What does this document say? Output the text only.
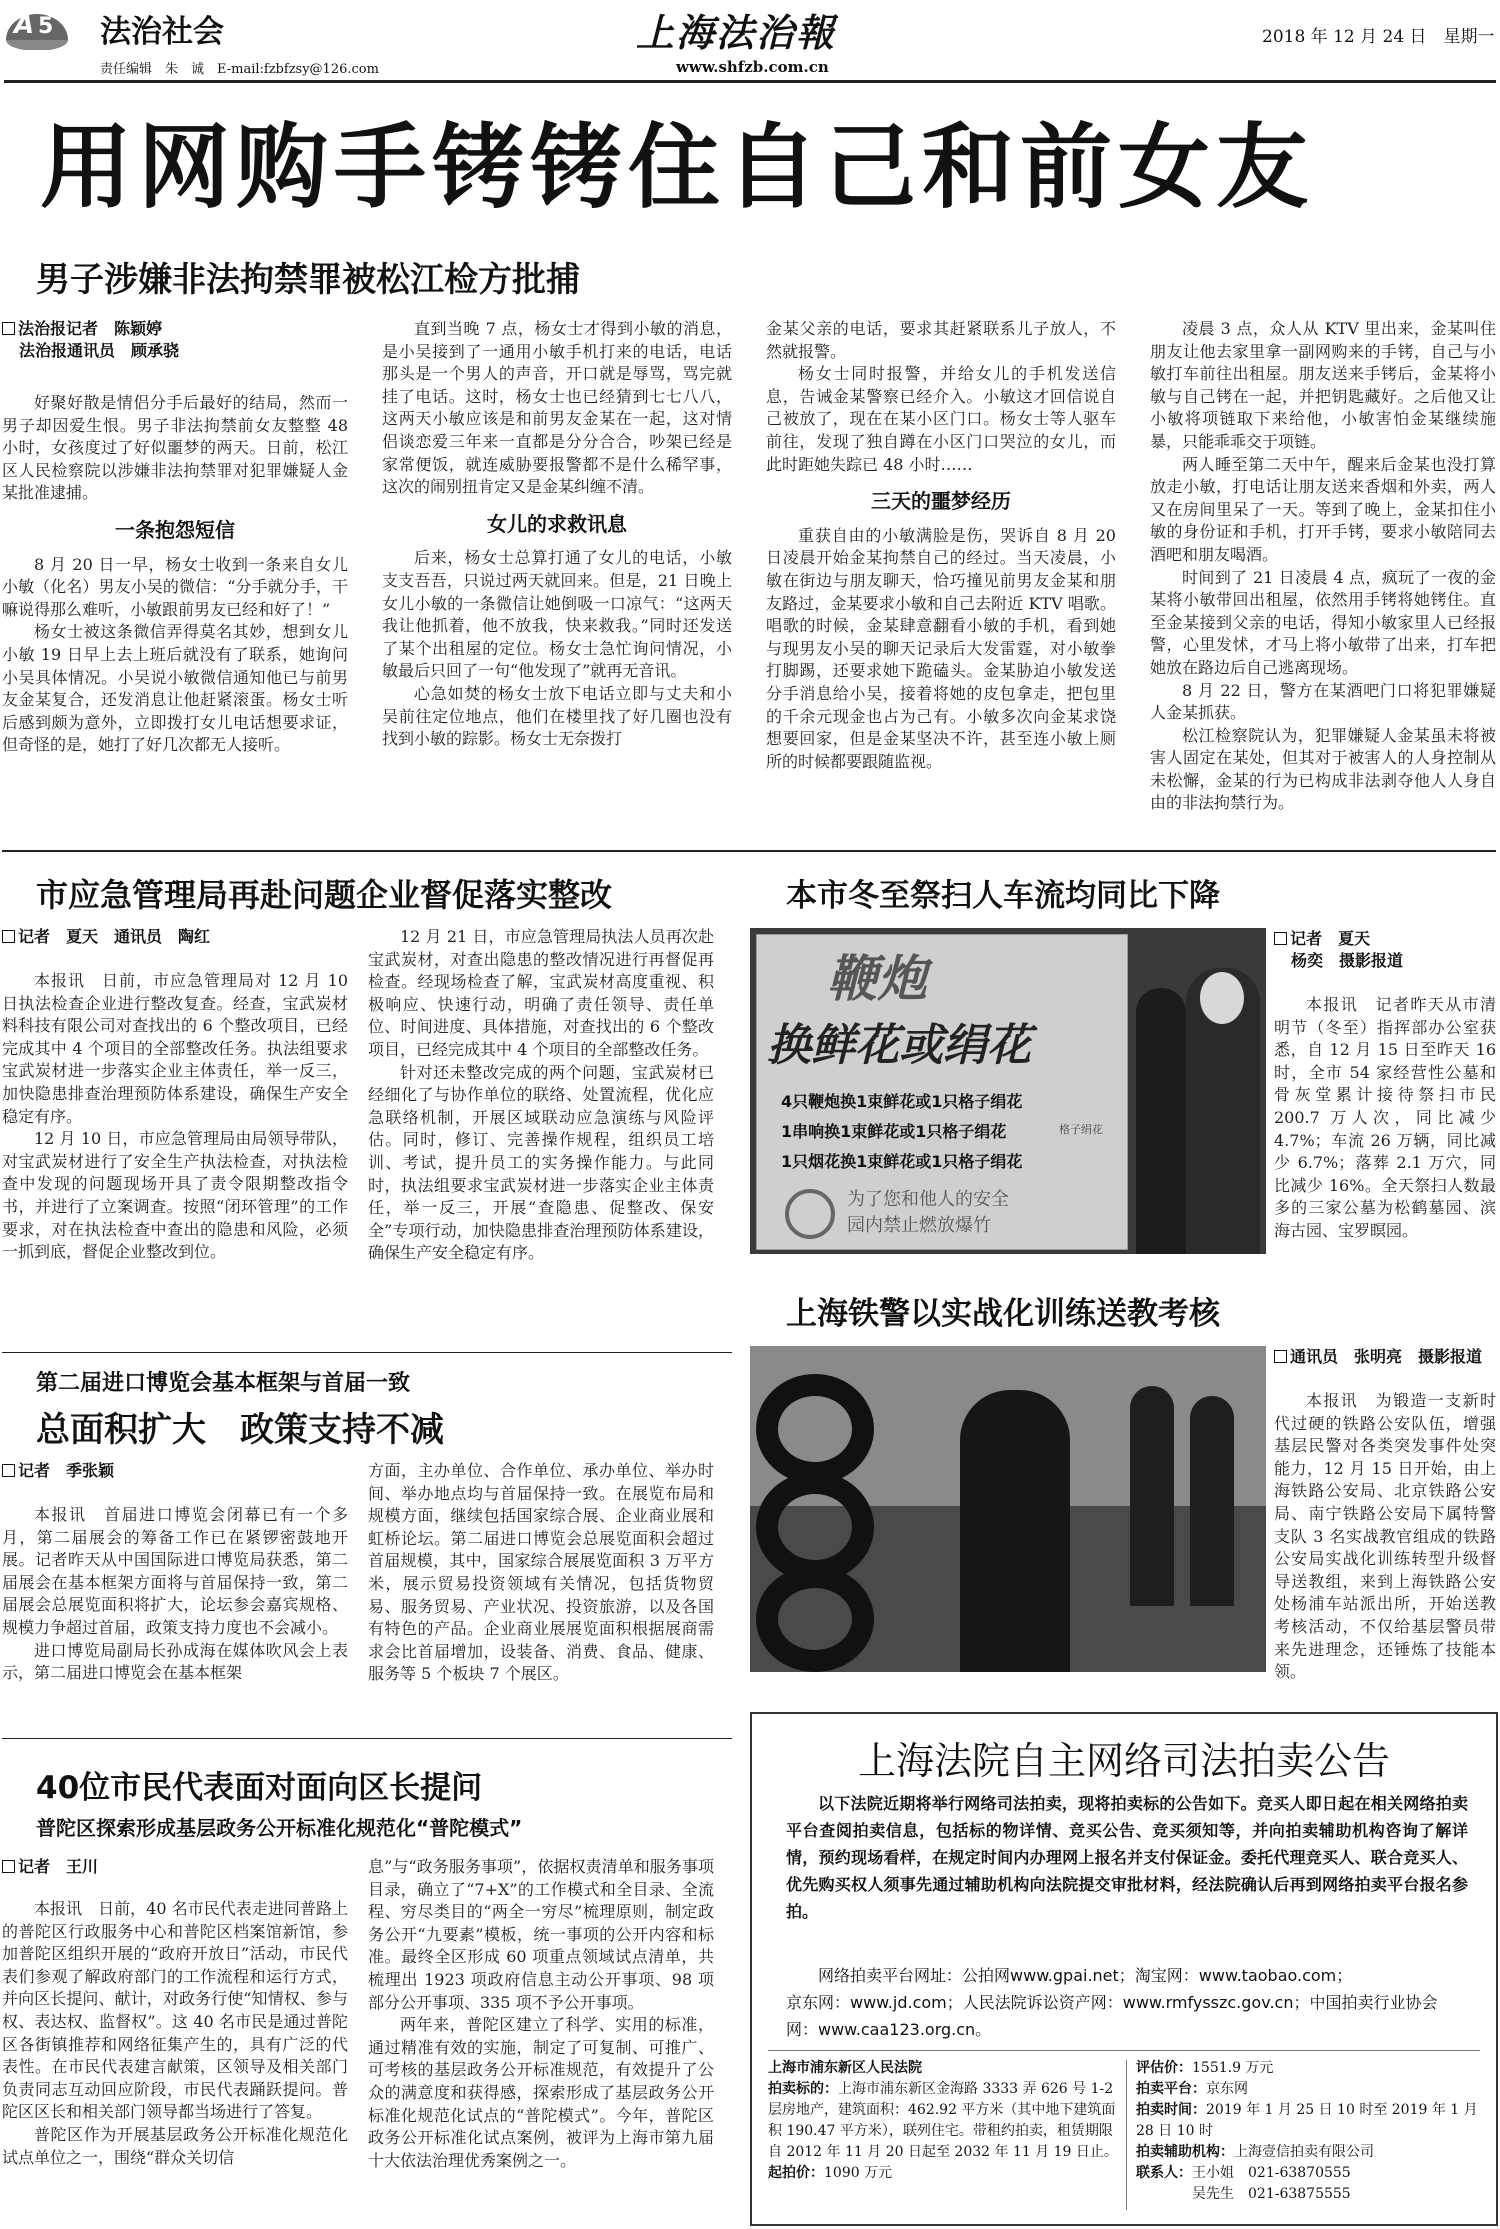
A 5 法治社会
责任编辑　朱　诚　E-mail:fzbfzsy@126.com
上海法治報
www.shfzb.com.cn
2018 年 12 月 24 日　星期一
用网购手铐铐住自己和前女友
男子涉嫌非法拘禁罪被松江检方批捕
法治报记者　陈颖婷
法治报通讯员　顾承骁

好聚好散是情侣分手后最好的结局，然而一男子却因爱生恨。男子非法拘禁前女友整整 48 小时，女孩度过了好似噩梦的两天。日前，松江区人民检察院以涉嫌非法拘禁罪对犯罪嫌疑人金某批准逮捕。

一条抱怨短信

8 月 20 日一早，杨女士收到一条来自女儿小敏（化名）男友小吴的微信：“分手就分手，干嘛说得那么难听，小敏跟前男友已经和好了！”

杨女士被这条微信弄得莫名其妙，想到女儿小敏 19 日早上去上班后就没有了联系，她询问小吴具体情况。小吴说小敏微信通知他已与前男友金某复合，还发消息让他赶紧滚蛋。杨女士听后感到颇为意外，立即拨打女儿电话想要求证，但奇怪的是，她打了好几次都无人接听。

直到当晚 7 点，杨女士才得到小敏的消息，是小吴接到了一通用小敏手机打来的电话，电话那头是一个男人的声音，开口就是辱骂，骂完就挂了电话。这时，杨女士也已经猜到七七八八，这两天小敏应该是和前男友金某在一起，这对情侣谈恋爱三年来一直都是分分合合，吵架已经是家常便饭，就连威胁要报警都不是什么稀罕事，这次的闹别扭肯定又是金某纠缠不清。

女儿的求救讯息

后来，杨女士总算打通了女儿的电话，小敏支支吾吾，只说过两天就回来。但是，21 日晚上女儿小敏的一条微信让她倒吸一口凉气：“这两天我让他抓着，他不放我，快来救我。”同时还发送了某个出租屋的定位。杨女士急忙询问情况，小敏最后只回了一句“他发现了”就再无音讯。

心急如焚的杨女士放下电话立即与丈夫和小吴前往定位地点，他们在楼里找了好几圈也没有找到小敏的踪影。杨女士无奈拨打

金某父亲的电话，要求其赶紧联系儿子放人，不然就报警。

杨女士同时报警，并给女儿的手机发送信息，告诫金某警察已经介入。小敏这才回信说自己被放了，现在在某小区门口。杨女士等人驱车前往，发现了独自蹲在小区门口哭泣的女儿，而此时距她失踪已 48 小时……

三天的噩梦经历

重获自由的小敏满脸是伤，哭诉自 8 月 20 日凌晨开始金某拘禁自己的经过。当天凌晨，小敏在街边与朋友聊天，恰巧撞见前男友金某和朋友路过，金某要求小敏和自己去附近 KTV 唱歌。唱歌的时候，金某肆意翻看小敏的手机，看到她与现男友小吴的聊天记录后大发雷霆，对小敏拳打脚踢，还要求她下跪磕头。金某胁迫小敏发送分手消息给小吴，接着将她的皮包拿走，把包里的千余元现金也占为己有。小敏多次向金某求饶想要回家，但是金某坚决不许，甚至连小敏上厕所的时候都要跟随监视。

凌晨 3 点，众人从 KTV 里出来，金某叫住朋友让他去家里拿一副网购来的手铐，自己与小敏打车前往出租屋。朋友送来手铐后，金某将小敏与自己铐在一起，并把钥匙藏好。之后他又让小敏将项链取下来给他，小敏害怕金某继续施暴，只能乖乖交于项链。

两人睡至第二天中午，醒来后金某也没打算放走小敏，打电话让朋友送来香烟和外卖，两人又在房间里呆了一天。等到了晚上，金某扣住小敏的身份证和手机，打开手铐，要求小敏陪同去酒吧和朋友喝酒。

时间到了 21 日凌晨 4 点，疯玩了一夜的金某将小敏带回出租屋，依然用手铐将她铐住。直至金某接到父亲的电话，得知小敏家里人已经报警，心里发怵，才马上将小敏带了出来，打车把她放在路边后自己逃离现场。

8 月 22 日，警方在某酒吧门口将犯罪嫌疑人金某抓获。

松江检察院认为，犯罪嫌疑人金某虽未将被害人固定在某处，但其对于被害人的人身控制从未松懈，金某的行为已构成非法剥夺他人人身自由的非法拘禁行为。

市应急管理局再赴问题企业督促落实整改
记者　夏天　通讯员　陶红

本报讯　日前，市应急管理局对 12 月 10 日执法检查企业进行整改复查。经查，宝武炭材料科技有限公司对查找出的 6 个整改项目，已经完成其中 4 个项目的全部整改任务。执法组要求宝武炭材进一步落实企业主体责任，举一反三，加快隐患排查治理预防体系建设，确保生产安全稳定有序。

12 月 10 日，市应急管理局由局领导带队，对宝武炭材进行了安全生产执法检查，对执法检查中发现的问题现场开具了责令限期整改指令书，并进行了立案调查。按照“闭环管理”的工作要求，对在执法检查中查出的隐患和风险，必须一抓到底，督促企业整改到位。

12 月 21 日，市应急管理局执法人员再次赴宝武炭材，对查出隐患的整改情况进行再督促再检查。经现场检查了解，宝武炭材高度重视、积极响应、快速行动，明确了责任领导、责任单位、时间进度、具体措施，对查找出的 6 个整改项目，已经完成其中 4 个项目的全部整改任务。

针对还未整改完成的两个问题，宝武炭材已经细化了与协作单位的联络、处置流程，优化应急联络机制，开展区域联动应急演练与风险评估。同时，修订、完善操作规程，组织员工培训、考试，提升员工的实务操作能力。与此同时，执法组要求宝武炭材进一步落实企业主体责任，举一反三，开展“查隐患、促整改、保安全”专项行动，加快隐患排查治理预防体系建设，确保生产安全稳定有序。

第二届进口博览会基本框架与首届一致
总面积扩大　政策支持不减
记者　季张颖

本报讯　首届进口博览会闭幕已有一个多月，第二届展会的筹备工作已在紧锣密鼓地开展。记者昨天从中国国际进口博览局获悉，第二届展会在基本框架方面将与首届保持一致，第二届展会总展览面积将扩大，论坛参会嘉宾规格、规模力争超过首届，政策支持力度也不会减小。

进口博览局副局长孙成海在媒体吹风会上表示，第二届进口博览会在基本框架

方面，主办单位、合作单位、承办单位、举办时间、举办地点均与首届保持一致。在展览布局和规模方面，继续包括国家综合展、企业商业展和虹桥论坛。第二届进口博览会总展览面积会超过首届规模，其中，国家综合展展览面积 3 万平方米，展示贸易投资领域有关情况，包括货物贸易、服务贸易、产业状况、投资旅游，以及各国有特色的产品。企业商业展展览面积根据展商需求会比首届增加，设装备、消费、食品、健康、服务等 5 个板块 7 个展区。

40位市民代表面对面向区长提问
普陀区探索形成基层政务公开标准化规范化“普陀模式”
记者　王川

本报讯　日前，40 名市民代表走进同普路上的普陀区行政服务中心和普陀区档案馆新馆，参加普陀区组织开展的“政府开放日”活动，市民代表们参观了解政府部门的工作流程和运行方式，并向区长提问、献计，对政务行使“知情权、参与权、表达权、监督权”。这 40 名市民是通过普陀区各街镇推荐和网络征集产生的，具有广泛的代表性。在市民代表建言献策，区领导及相关部门负责同志互动回应阶段，市民代表踊跃提问。普陀区区长和相关部门领导都当场进行了答复。

普陀区作为开展基层政务公开标准化规范化试点单位之一，围绕“群众关切信

息”与“政务服务事项”，依据权责清单和服务事项目录，确立了“7+X”的工作模式和全目录、全流程、穷尽类目的“两全一穷尽”梳理原则，制定政务公开“九要素”模板，统一事项的公开内容和标准。最终全区形成 60 项重点领域试点清单，共梳理出 1923 项政府信息主动公开事项、98 项部分公开事项、335 项不予公开事项。

两年来，普陀区建立了科学、实用的标准，通过精准有效的实施，制定了可复制、可推广、可考核的基层政务公开标准规范，有效提升了公众的满意度和获得感，探索形成了基层政务公开标准化规范化试点的“普陀模式”。今年，普陀区政务公开标准化试点案例，被评为上海市第九届十大依法治理优秀案例之一。

本市冬至祭扫人车流均同比下降
鞭炮
换鲜花或绢花
4只鞭炮换1束鲜花或1只格子绢花
1串响换1束鲜花或1只格子绢花
1只烟花换1束鲜花或1只格子绢花
为了您和他人的安全
园内禁止燃放爆竹
格子绢花
记者　夏天
杨奕　摄影报道

本报讯　记者昨天从市清明节（冬至）指挥部办公室获悉，自 12 月 15 日至昨天 16 时，全市 54 家经营性公墓和骨灰堂累计接待祭扫市民 200.7 万人次，同比减少 4.7%；车流 26 万辆，同比减少 6.7%；落葬 2.1 万穴，同比减少 16%。全天祭扫人数最多的三家公墓为松鹤墓园、滨海古园、宝罗瞑园。

上海铁警以实战化训练送教考核
通讯员　张明亮　摄影报道

本报讯　为锻造一支新时代过硬的铁路公安队伍，增强基层民警对各类突发事件处突能力，12 月 15 日开始，由上海铁路公安局、北京铁路公安局、南宁铁路公安局下属特警支队 3 名实战教官组成的铁路公安局实战化训练转型升级督导送教组，来到上海铁路公安处杨浦车站派出所，开始送教考核活动，不仅给基层警员带来先进理念，还锤炼了技能本领。

上海法院自主网络司法拍卖公告
以下法院近期将举行网络司法拍卖，现将拍卖标的公告如下。竞买人即日起在相关网络拍卖平台查阅拍卖信息，包括标的物详情、竞买公告、竞买须知等，并向拍卖辅助机构咨询了解详情，预约现场看样，在规定时间内办理网上报名并支付保证金。委托代理竞买人、联合竞买人、优先购买权人须事先通过辅助机构向法院提交审批材料，经法院确认后再到网络拍卖平台报名参拍。
网络拍卖平台网址：公拍网www.gpai.net；淘宝网：www.taobao.com；
京东网：www.jd.com；人民法院诉讼资产网：www.rmfysszc.gov.cn；中国拍卖行业协会网：www.caa123.org.cn。
上海市浦东新区人民法院
拍卖标的：上海市浦东新区金海路 3333 弄 626 号 1-2 层房地产，建筑面积：462.92 平方米（其中地下建筑面积 190.47 平方米），联列住宅。带租约拍卖，租赁期限自 2012 年 11 月 20 日起至 2032 年 11 月 19 日止。
起拍价：1090 万元
评估价：1551.9 万元
拍卖平台：京东网
拍卖时间：2019 年 1 月 25 日 10 时至 2019 年 1 月 28 日 10 时
拍卖辅助机构：上海壹信拍卖有限公司
联系人：王小姐　021-63870555
吴先生　021-63875555
